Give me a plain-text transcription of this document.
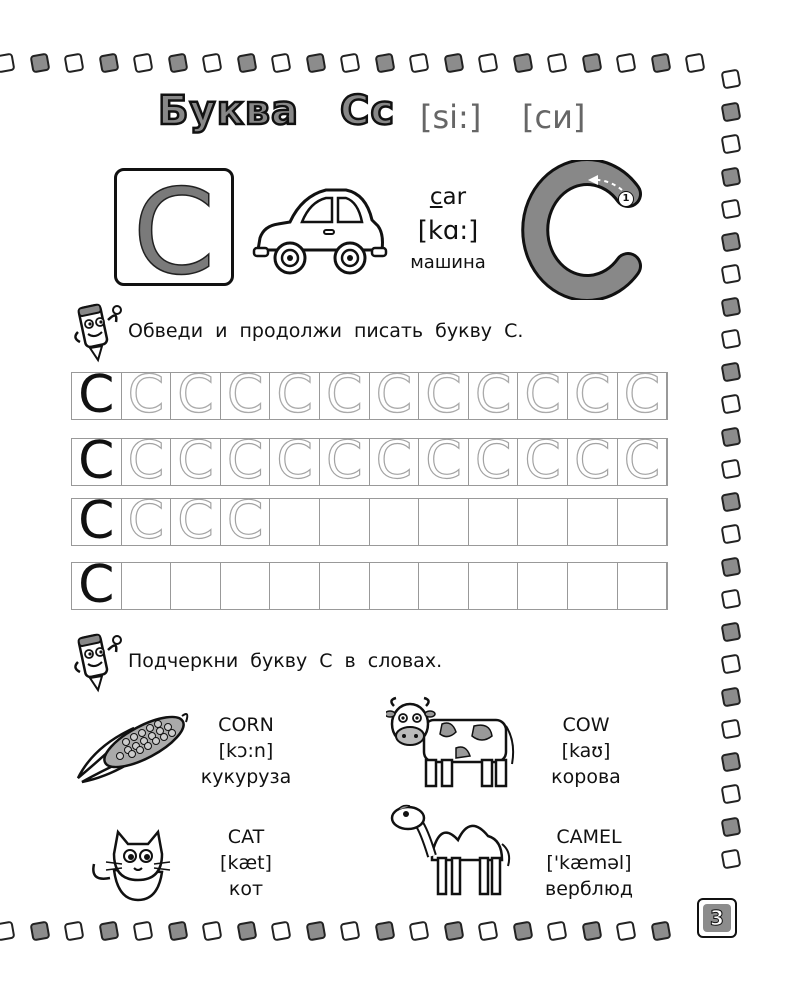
Буква Сс [si:] [си]
С	car
[kɑ:]
машина
1
Обведи и продолжи писать букву С.
C C C C C C C C C C C C
C C C C C C C C C C C C
C C C C
C
Подчеркни букву С в словах.
CORN
[kɔ:n]
кукуруза
COW
[kaʊ]
корова
CAT
[kæt]
кот
CAMEL
['kæməl]
верблюд
3
